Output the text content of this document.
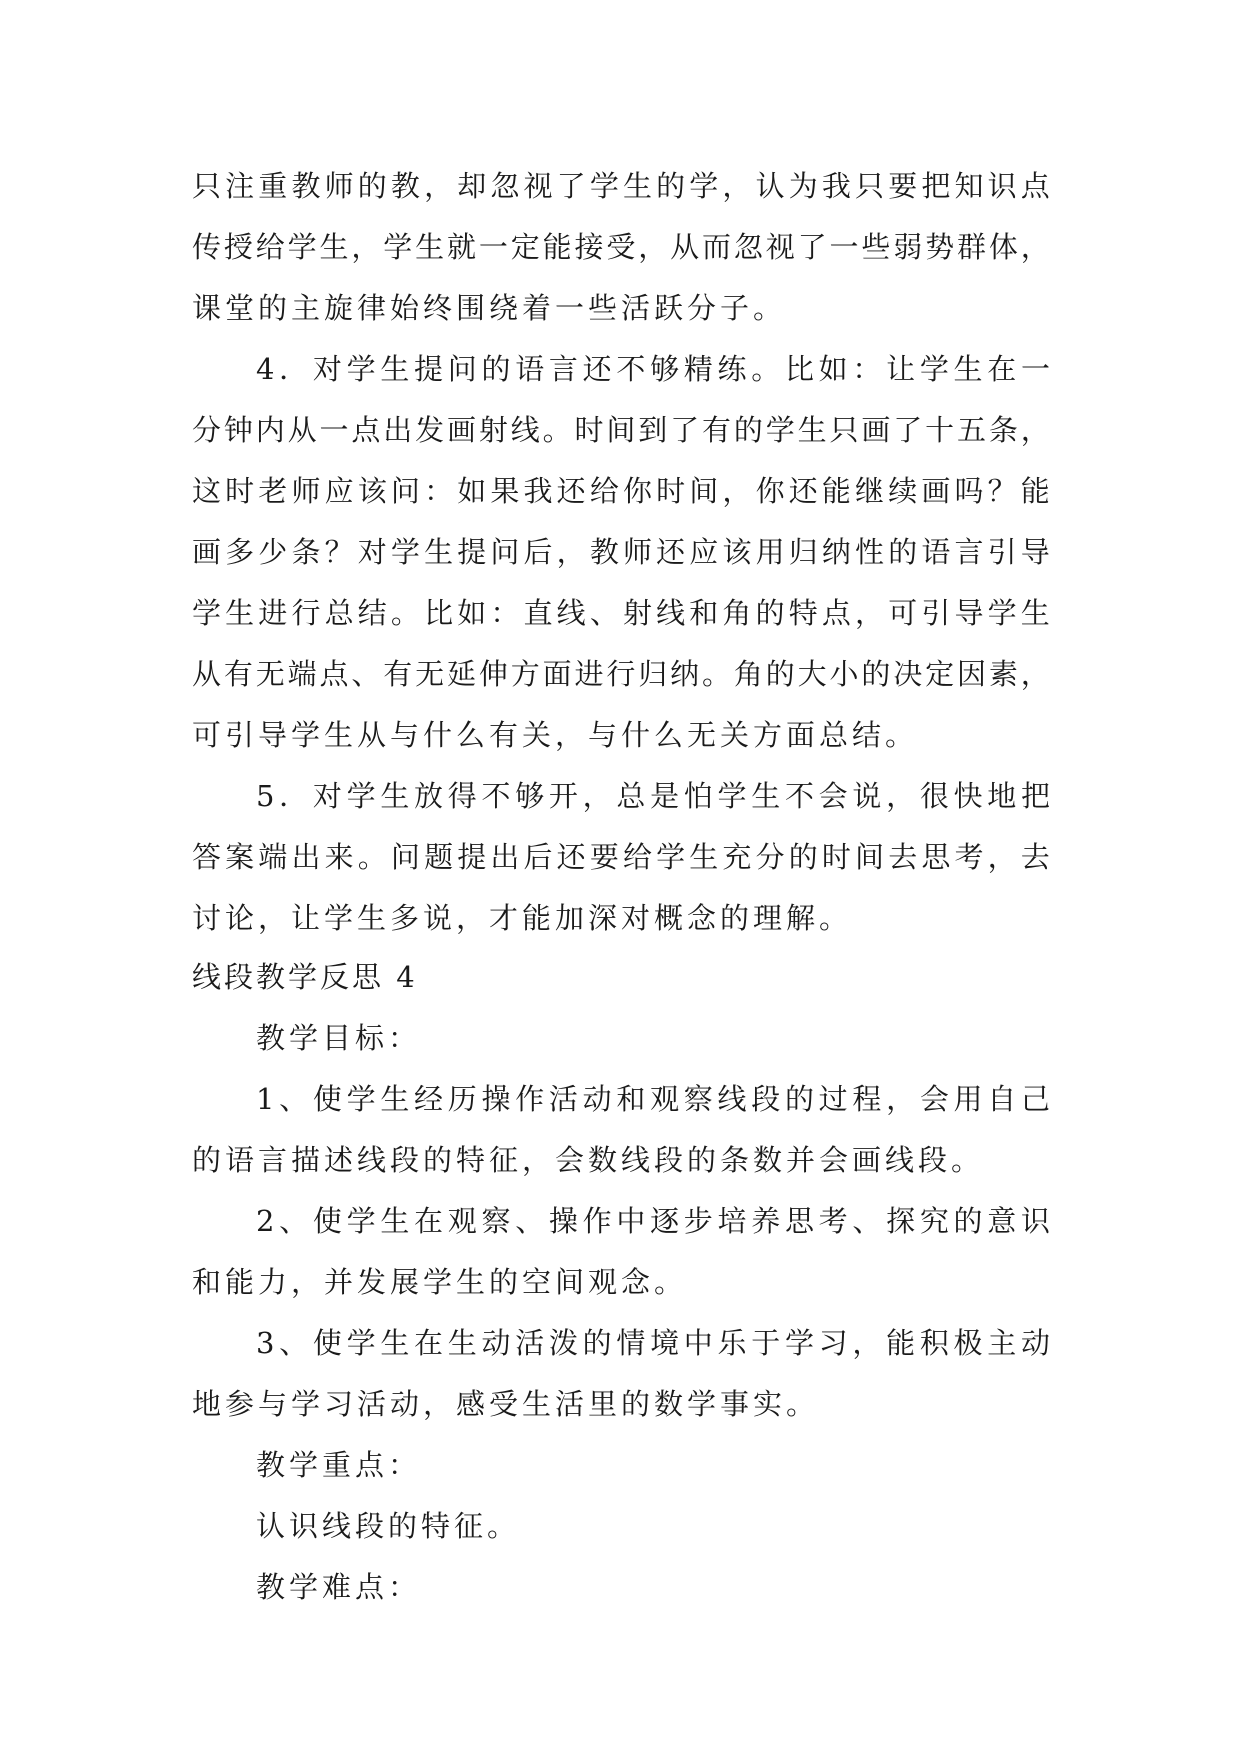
只注重教师的教，却忽视了学生的学，认为我只要把知识点
传授给学生，学生就一定能接受，从而忽视了一些弱势群体，
课堂的主旋律始终围绕着一些活跃分子。
4．对学生提问的语言还不够精练。比如：让学生在一
分钟内从一点出发画射线。时间到了有的学生只画了十五条，
这时老师应该问：如果我还给你时间，你还能继续画吗？能
画多少条？对学生提问后，教师还应该用归纳性的语言引导
学生进行总结。比如：直线、射线和角的特点，可引导学生
从有无端点、有无延伸方面进行归纳。角的大小的决定因素，
可引导学生从与什么有关，与什么无关方面总结。
5．对学生放得不够开，总是怕学生不会说，很快地把
答案端出来。问题提出后还要给学生充分的时间去思考，去
讨论，让学生多说，才能加深对概念的理解。
线段教学反思 4
教学目标：
1、使学生经历操作活动和观察线段的过程，会用自己
的语言描述线段的特征，会数线段的条数并会画线段。
2、使学生在观察、操作中逐步培养思考、探究的意识
和能力，并发展学生的空间观念。
3、使学生在生动活泼的情境中乐于学习，能积极主动
地参与学习活动，感受生活里的数学事实。
教学重点：
认识线段的特征。
教学难点：
